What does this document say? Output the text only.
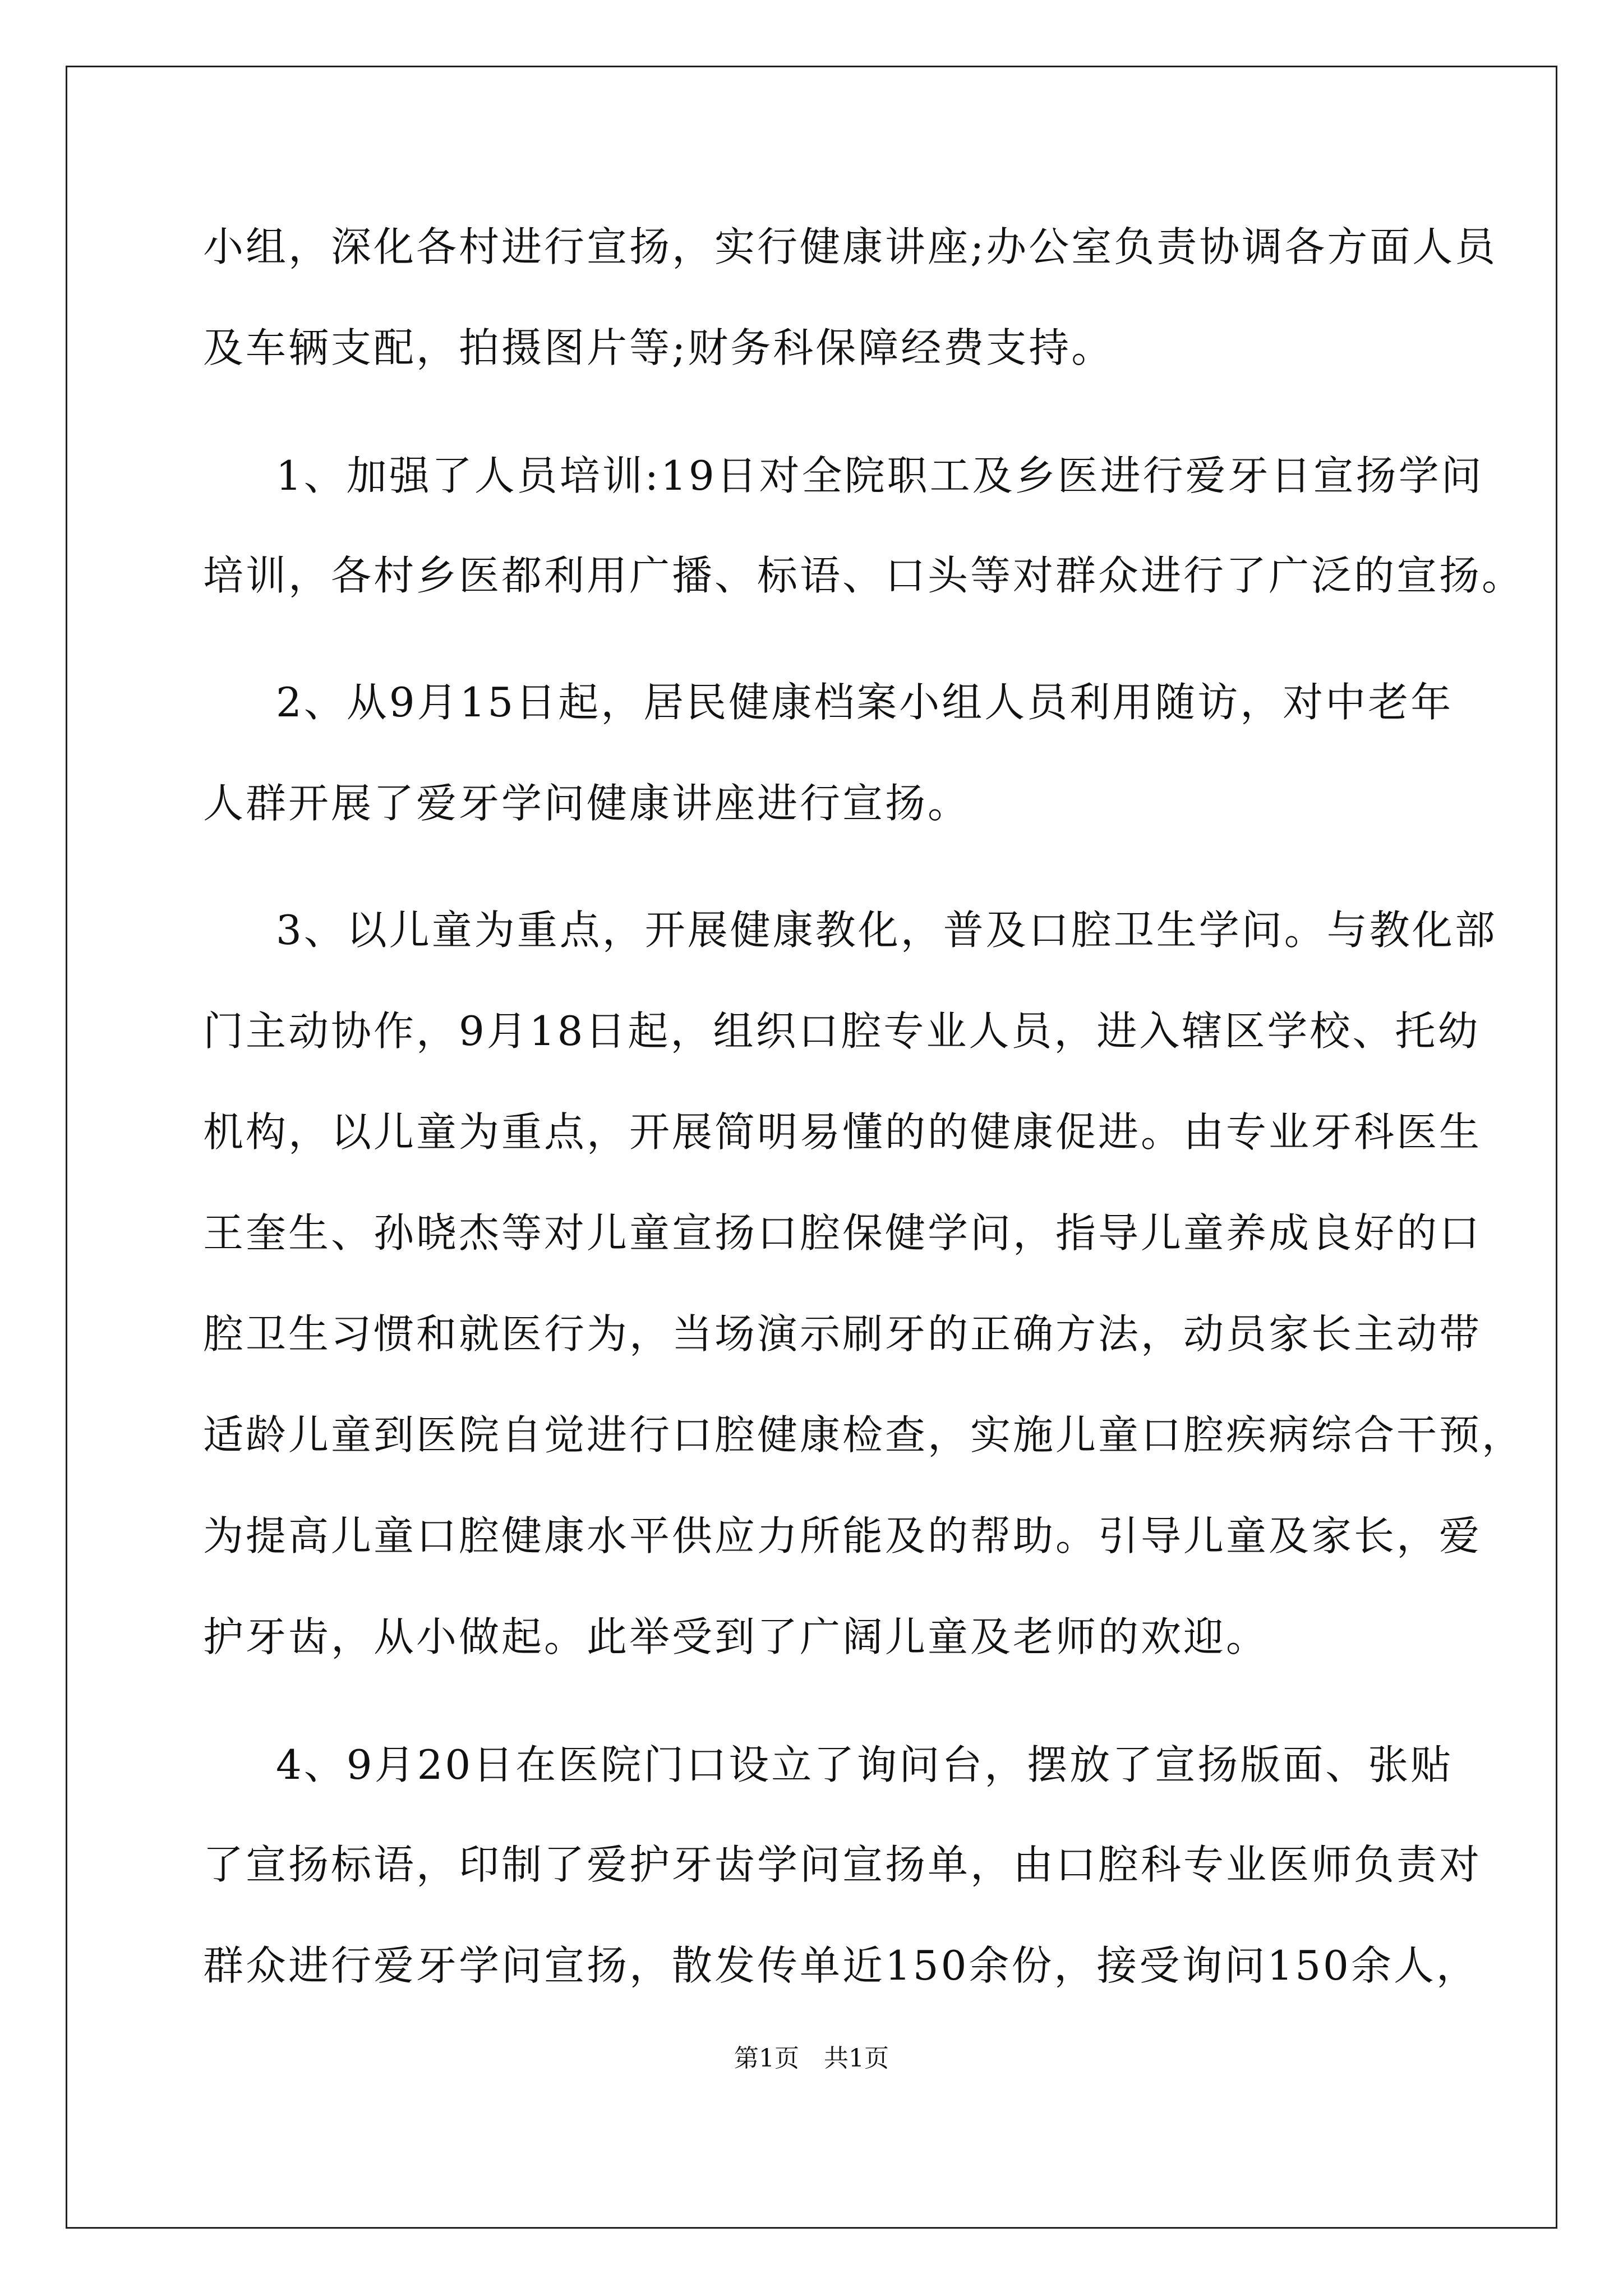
小组，深化各村进行宣扬，实行健康讲座;办公室负责协调各方面人员
及车辆支配，拍摄图片等;财务科保障经费支持。
1、加强了人员培训:19日对全院职工及乡医进行爱牙日宣扬学问
培训，各村乡医都利用广播、标语、口头等对群众进行了广泛的宣扬。
2、从9月15日起，居民健康档案小组人员利用随访，对中老年
人群开展了爱牙学问健康讲座进行宣扬。
3、以儿童为重点，开展健康教化，普及口腔卫生学问。与教化部
门主动协作，9月18日起，组织口腔专业人员，进入辖区学校、托幼
机构，以儿童为重点，开展简明易懂的的健康促进。由专业牙科医生
王奎生、孙晓杰等对儿童宣扬口腔保健学问，指导儿童养成良好的口
腔卫生习惯和就医行为，当场演示刷牙的正确方法，动员家长主动带
适龄儿童到医院自觉进行口腔健康检查，实施儿童口腔疾病综合干预，
为提高儿童口腔健康水平供应力所能及的帮助。引导儿童及家长，爱
护牙齿，从小做起。此举受到了广阔儿童及老师的欢迎。
4、9月20日在医院门口设立了询问台，摆放了宣扬版面、张贴
了宣扬标语，印制了爱护牙齿学问宣扬单，由口腔科专业医师负责对
群众进行爱牙学问宣扬，散发传单近150余份，接受询问150余人，
第1页　共1页
